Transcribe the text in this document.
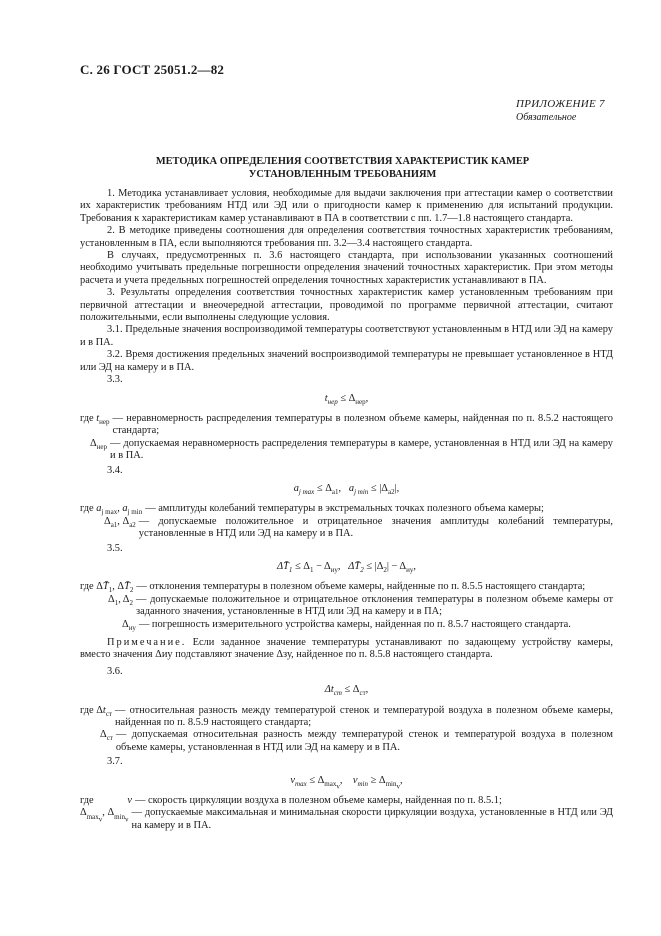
С. 26 ГОСТ 25051.2—82
ПРИЛОЖЕНИЕ 7
Обязательное
МЕТОДИКА ОПРЕДЕЛЕНИЯ СООТВЕТСТВИЯ ХАРАКТЕРИСТИК КАМЕР
УСТАНОВЛЕННЫМ ТРЕБОВАНИЯМ

1. Методика устанавливает условия, необходимые для выдачи заключения при аттестации камер о соответствии их характеристик требованиям НТД или ЭД или о пригодности камер к применению для испытаний продукции. Требования к характеристикам камер устанавливают в ПА в соответствии с пп. 1.7—1.8 настоящего стандарта.

2. В методике приведены соотношения для определения соответствия точностных характеристик требованиям, установленным в ПА, если выполняются требования пп. 3.2—3.4 настоящего стандарта.

В случаях, предусмотренных п. 3.6 настоящего стандарта, при использовании указанных соотношений необходимо учитывать предельные погрешности определения значений точностных характеристик. При этом методы расчета и учета предельных погрешностей определения точностных характеристик устанавливают в ПА.

3. Результаты определения соответствия точностных характеристик камер установленным требованиям при первичной аттестации и внеочередной аттестации, проводимой по программе первичной аттестации, считают положительными, если выполнены следующие условия.

3.1. Предельные значения воспроизводимой температуры соответствуют установленным в НТД или ЭД на камеру и в ПА.

3.2. Время достижения предельных значений воспроизводимой температуры не превышает установленное в НТД или ЭД на камеру и в ПА.

3.3.
$t_{нер} \le \Delta_{нер}$,
где $t_{нер}$ — неравномерность распределения температуры в полезном объеме камеры, найденная по п. 8.5.2 настоящего стандарта;
$\Delta_{нер}$ — допускаемая неравномерность распределения температуры в камере, установленная в НТД или ЭД на камеру и в ПА.
3.4.
$a_{j max} \le \Delta_{a1}$,   $a_{j min} \le |\Delta_{a2}|$,
где $a_{j max}$, $a_{j min}$ — амплитуды колебаний температуры в экстремальных точках полезного объема камеры;
$\Delta_{a1}$, $\Delta_{a2}$ — допускаемые положительное и отрицательное значения амплитуды колебаний температуры, установленные в НТД или ЭД на камеру и в ПА.
3.5.
$\Delta T̄_1 \le \Delta_1 - \Delta_{иу}$,   $\Delta T̄_2 \le |\Delta_2| - \Delta_{иу}$,
где $\Delta T̄_1$, $\Delta T̄_2$ — отклонения температуры в полезном объеме камеры, найденные по п. 8.5.5 настоящего стандарта;
$\Delta_1$, $\Delta_2$ — допускаемые положительное и отрицательное отклонения температуры в полезном объеме камеры от заданного значения, установленные в НТД или ЭД на камеру и в ПА;
$\Delta_{иу}$ — погрешность измерительного устройства камеры, найденная по п. 8.5.7 настоящего стандарта.

Примечание. Если заданное значение температуры устанавливают по задающему устройству камеры, вместо значения Δиу подставляют значение Δзу, найденное по п. 8.5.8 настоящего стандарта.

3.6.
$\Delta t_{ст} \le \Delta_{ст}$,
где $\Delta t_{ст}$ — относительная разность между температурой стенок и температурой воздуха в полезном объеме камеры, найденная по п. 8.5.9 настоящего стандарта;
$\Delta_{ст}$ — допускаемая относительная разность между температурой стенок и температурой воздуха в полезном объеме камеры, установленная в НТД или ЭД на камеру и в ПА.
3.7.
$v_{max} \le \Delta_{max_v}$,    $v_{min} \ge \Delta_{min_v}$,
где             v — скорость циркуляции воздуха в полезном объеме камеры, найденная по п. 8.5.1;
$\Delta_{max_v}$, $\Delta_{min_v}$
— допускаемые максимальная и минимальная скорости циркуляции воздуха, установленные в НТД или ЭД на камеру и в ПА.
